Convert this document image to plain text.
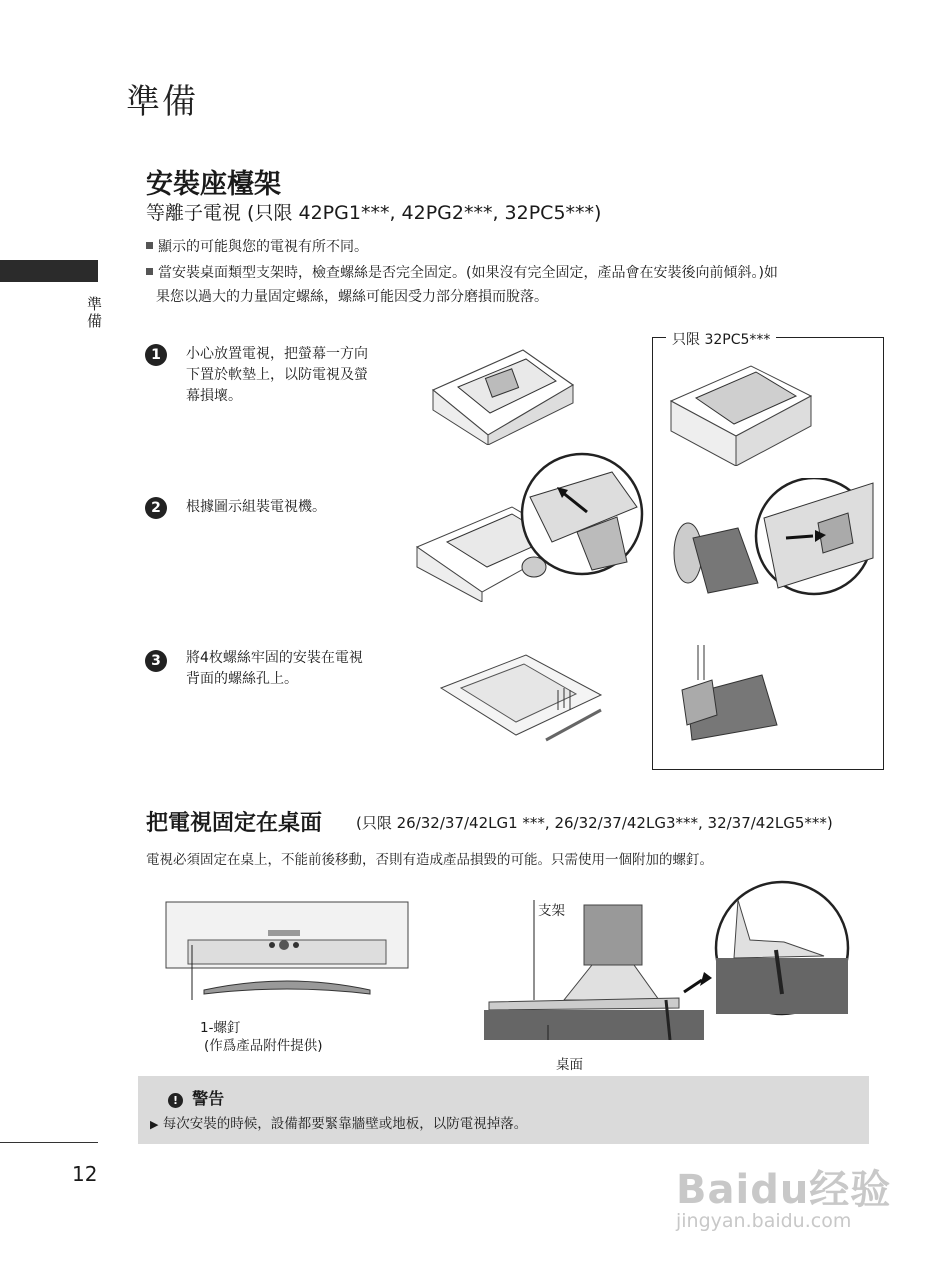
準備
準備
安裝座檯架
等離子電視 (只限 42PG1***, 42PG2***, 32PC5***)
顯示的可能與您的電視有所不同。
當安裝桌面類型支架時，檢查螺絲是否完全固定。(如果沒有完全固定，產品會在安裝後向前傾斜。)如
果您以過大的力量固定螺絲，螺絲可能因受力部分磨損而脫落。
1	小心放置電視，把螢幕一方向
下置於軟墊上，以防電視及螢
幕損壞。
2	根據圖示組裝電視機。
3	將4枚螺絲牢固的安裝在電視
背面的螺絲孔上。
只限 32PC5***
把電視固定在桌面 (只限 26/32/37/42LG1 ***, 26/32/37/42LG3***, 32/37/42LG5***)
電視必須固定在桌上，不能前後移動，否則有造成產品損毀的可能。只需使用一個附加的螺釘。
1-螺釘
(作爲產品附件提供)
支架
桌面
! 警告
▶ 每次安裝的時候，設備都要緊靠牆壁或地板，以防電視掉落。
12	Baidu经验
jingyan.baidu.com
